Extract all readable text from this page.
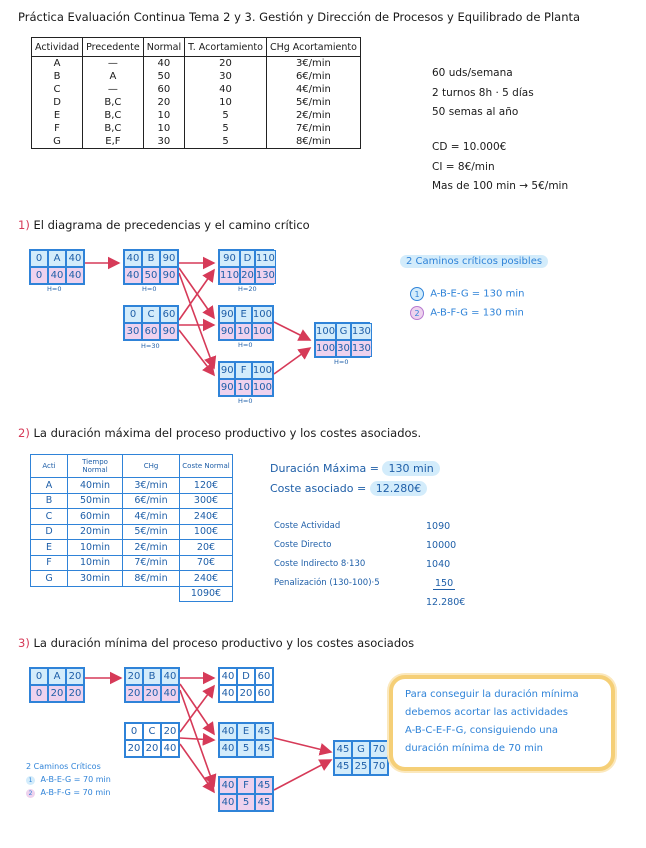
Práctica Evaluación Continua Tema 2 y 3. Gestión y Dirección de Procesos y Equilibrado de Planta
Actividad	Precedente	Normal	T. Acortamiento	CHg Acortamiento
A	—	40	20	3€/min
B	A	50	30	6€/min
C	—	60	40	4€/min
D	B,C	20	10	5€/min
E	B,C	10	5	2€/min
F	B,C	10	5	7€/min
G	E,F	30	5	8€/min
60 uds/semana
2 turnos 8h · 5 días
50 semas al año
CD = 10.000€
CI = 8€/min
Mas de 100 min → 5€/min
1) El diagrama de precedencias y el camino crítico
0	A 40
0 40 40
H=0
40 B 90
40 50 90
H=0
0	C 60
30 60 90
H=30
90 D 110
110 20 130
H=20
90 E 100
90 10 100
H=0
90 F 100
90 10 100
H=0
100 G 130
100 30 130
H=0
2 Caminos críticos posibles
1 A-B-E-G = 130 min
2 A-B-F-G = 130 min
2) La duración máxima del proceso productivo y los costes asociados.
Acti	Tiempo Normal	CHg	Coste Normal
A	40min	3€/min	120€
B	50min	6€/min	300€
C	60min	4€/min	240€
D	20min	5€/min	100€
E	10min	2€/min	20€
F	10min	7€/min	70€
G	30min	8€/min	240€
			1090€
Duración Máxima = 130 min
Coste asociado = 12.280€
Coste Actividad	1090
Coste Directo	10000
Coste Indirecto 8·130	1040
Penalización (130-100)·5	150
12.280€
3) La duración mínima del proceso productivo y los costes asociados
0	A 20
0 20 20
20 B 40
20 20 40
0	C 20
20 20 40
40 D 60
40 20 60
40 E 45
40 5 45
40 F 45
40 5 45
45 G 70
45 25 70
2 Caminos Críticos
1 A-B-E-G = 70 min
2 A-B-F-G = 70 min
Para conseguir la duración mínima
debemos acortar las actividades
A-B-C-E-F-G, consiguiendo una
duración mínima de 70 min
